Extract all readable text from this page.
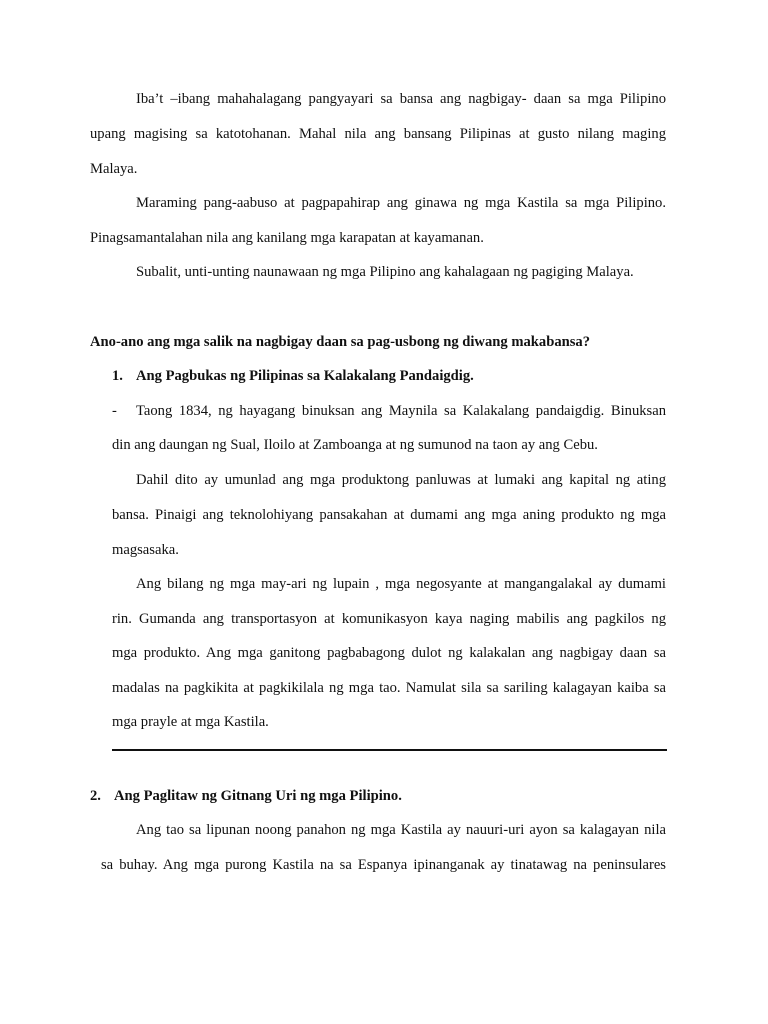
Iba’t –ibang mahahalagang pangyayari sa bansa ang nagbigay- daan sa mga Pilipino
upang magising sa katotohanan. Mahal nila ang bansang Pilipinas at gusto nilang maging
Malaya.
Maraming pang-aabuso at pagpapahirap ang ginawa ng mga Kastila sa mga Pilipino.
Pinagsamantalahan nila ang kanilang mga karapatan at kayamanan.
Subalit, unti-unting naunawaan ng mga Pilipino ang kahalagaan ng pagiging Malaya.
Ano-ano ang mga salik na nagbigay daan sa pag-usbong ng diwang makabansa?
1. Ang Pagbukas ng Pilipinas sa Kalakalang Pandaigdig.
- Taong 1834, ng hayagang binuksan ang Maynila sa Kalakalang pandaigdig. Binuksan
din ang daungan ng Sual, Iloilo at Zamboanga at ng sumunod na taon ay ang Cebu.
Dahil dito ay umunlad ang mga produktong panluwas at lumaki ang kapital ng ating
bansa. Pinaigi ang teknolohiyang pansakahan at dumami ang mga aning produkto ng mga
magsasaka.
Ang bilang ng mga may-ari ng lupain , mga negosyante at mangangalakal ay dumami
rin. Gumanda ang transportasyon at komunikasyon kaya naging mabilis ang pagkilos ng
mga produkto. Ang mga ganitong pagbabagong dulot ng kalakalan ang nagbigay daan sa
madalas na pagkikita at pagkikilala ng mga tao. Namulat sila sa sariling kalagayan kaiba sa
mga prayle at mga Kastila.
2. Ang Paglitaw ng Gitnang Uri ng mga Pilipino.
Ang tao sa lipunan noong panahon ng mga Kastila ay nauuri-uri ayon sa kalagayan nila
sa buhay. Ang mga purong Kastila na sa Espanya ipinanganak ay tinatawag na peninsulares
